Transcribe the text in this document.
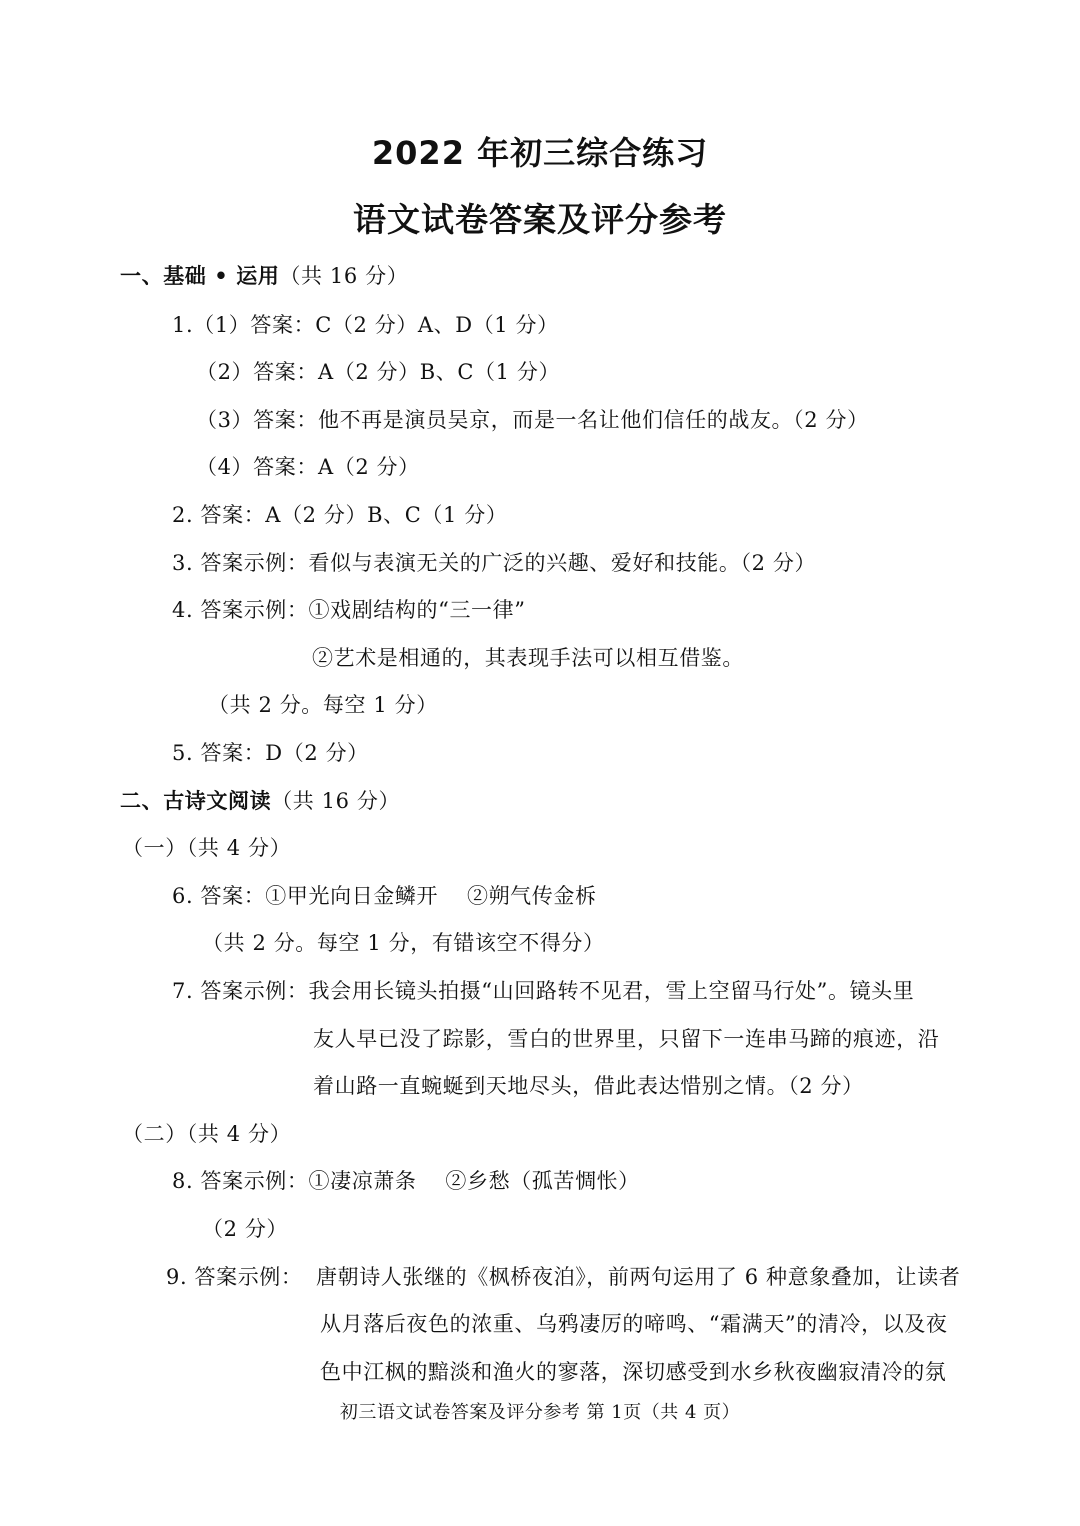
2022 年初三综合练习
语文试卷答案及评分参考
一、基础 • 运用（共 16 分）
1.（1）答案：C（2 分）A、D（1 分）
（2）答案：A（2 分）B、C（1 分）
（3）答案：他不再是演员吴京，而是一名让他们信任的战友。（2 分）
（4）答案：A（2 分）
2. 答案：A（2 分）B、C（1 分）
3. 答案示例：看似与表演无关的广泛的兴趣、爱好和技能。（2 分）
4. 答案示例：①戏剧结构的“三一律”
②艺术是相通的，其表现手法可以相互借鉴。
（共 2 分。每空 1 分）
5. 答案：D（2 分）
二、古诗文阅读（共 16 分）
（一）（共 4 分）
6. 答案：①甲光向日金鳞开　 ②朔气传金柝
（共 2 分。每空 1 分，有错该空不得分）
7. 答案示例：我会用长镜头拍摄“山回路转不见君，雪上空留马行处”。镜头里
友人早已没了踪影，雪白的世界里，只留下一连串马蹄的痕迹，沿
着山路一直蜿蜒到天地尽头，借此表达惜别之情。（2 分）
（二）（共 4 分）
8. 答案示例：①凄凉萧条　 ②乡愁（孤苦惆怅）
（2 分）
9. 答案示例： 唐朝诗人张继的《枫桥夜泊》，前两句运用了 6 种意象叠加，让读者
从月落后夜色的浓重、乌鸦凄厉的啼鸣、“霜满天”的清冷，以及夜
色中江枫的黯淡和渔火的寥落，深切感受到水乡秋夜幽寂清冷的氛
初三语文试卷答案及评分参考 第 1页（共 4 页）
